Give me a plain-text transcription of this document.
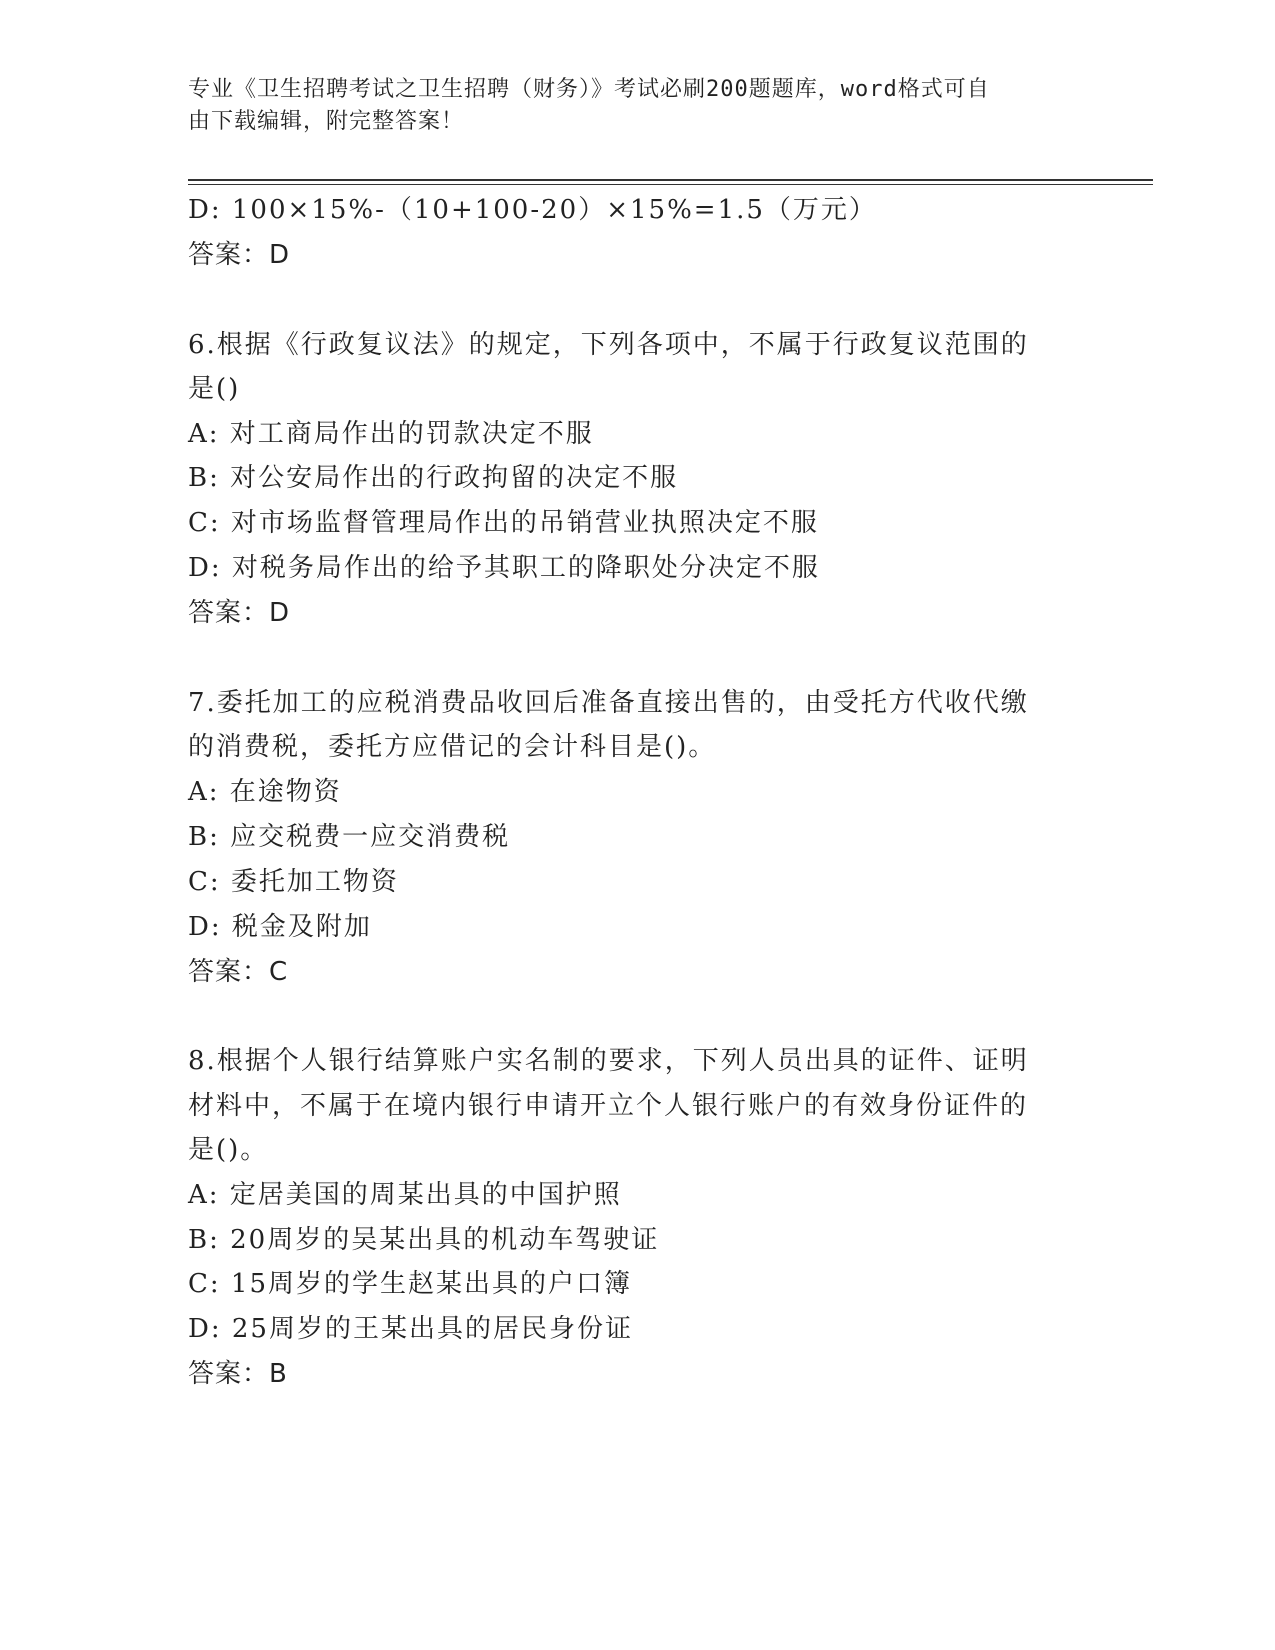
专业《卫生招聘考试之卫生招聘（财务）》考试必刷200题题库，word格式可自
由下载编辑，附完整答案！
D: 100×15%-（10+100-20）×15%=1.5（万元）
答案：D
6.根据《行政复议法》的规定，下列各项中，不属于行政复议范围的
是()
A: 对工商局作出的罚款决定不服
B: 对公安局作出的行政拘留的决定不服
C: 对市场监督管理局作出的吊销营业执照决定不服
D: 对税务局作出的给予其职工的降职处分决定不服
答案：D
7.委托加工的应税消费品收回后准备直接出售的，由受托方代收代缴
的消费税，委托方应借记的会计科目是()。
A: 在途物资
B: 应交税费一应交消费税
C: 委托加工物资
D: 税金及附加
答案：C
8.根据个人银行结算账户实名制的要求，下列人员出具的证件、证明
材料中，不属于在境内银行申请开立个人银行账户的有效身份证件的
是()。
A: 定居美国的周某出具的中国护照
B: 20周岁的吴某出具的机动车驾驶证
C: 15周岁的学生赵某出具的户口簿
D: 25周岁的王某出具的居民身份证
答案：B
